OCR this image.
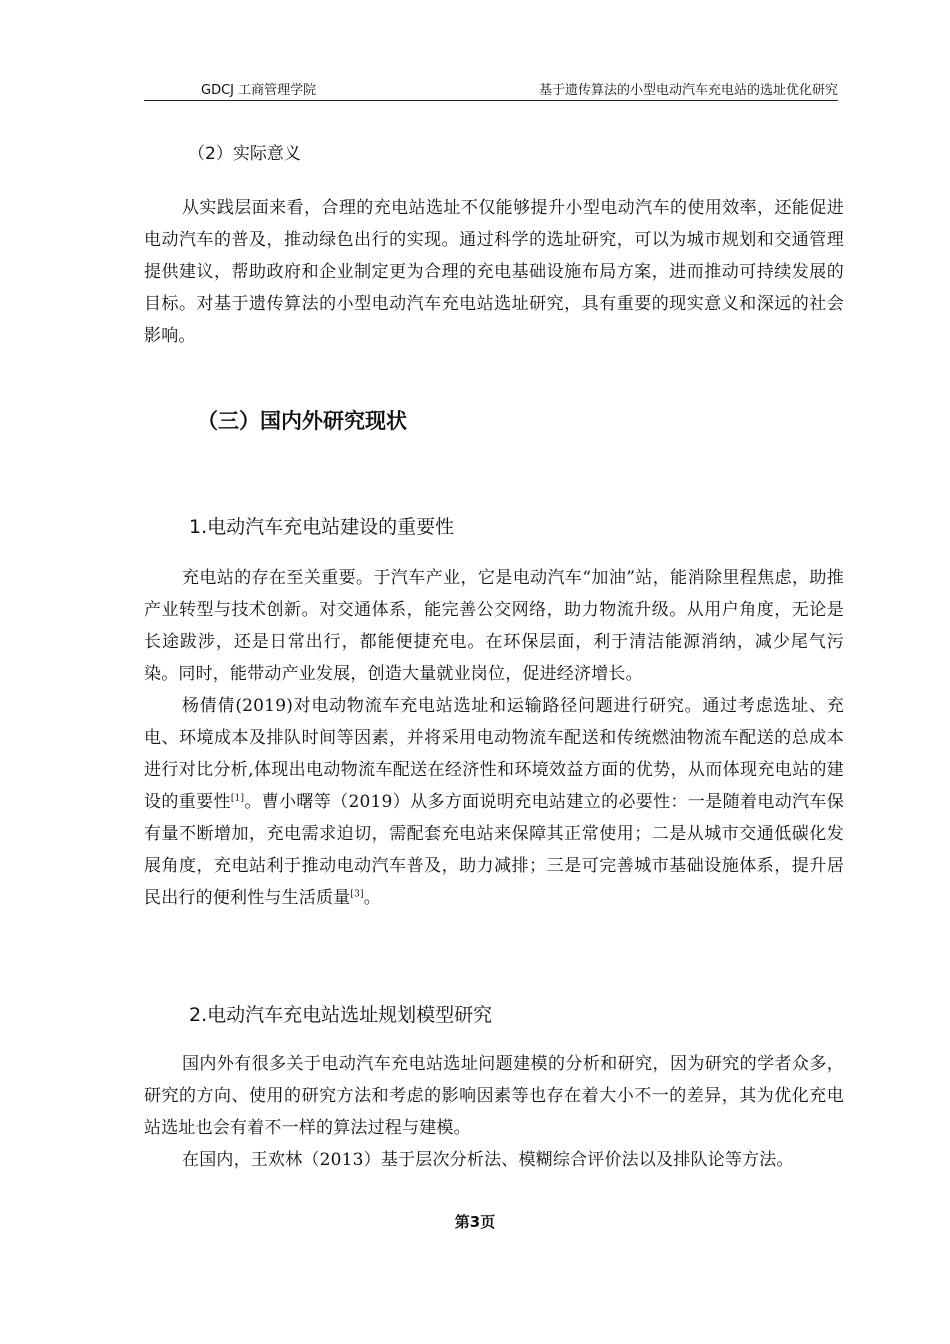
GDCJ 工商管理学院	基于遗传算法的小型电动汽车充电站的选址优化研究
（2）实际意义

从实践层面来看，合理的充电站选址不仅能够提升小型电动汽车的使用效率，还能促进电动汽车的普及，推动绿色出行的实现。通过科学的选址研究，可以为城市规划和交通管理提供建议，帮助政府和企业制定更为合理的充电基础设施布局方案，进而推动可持续发展的目标。对基于遗传算法的小型电动汽车充电站选址研究，具有重要的现实意义和深远的社会影响。

（三）国内外研究现状
1.电动汽车充电站建设的重要性

充电站的存在至关重要。于汽车产业，它是电动汽车“加油”站，能消除里程焦虑，助推产业转型与技术创新。对交通体系，能完善公交网络，助力物流升级。从用户角度，无论是长途跋涉，还是日常出行，都能便捷充电。在环保层面，利于清洁能源消纳，减少尾气污染。同时，能带动产业发展，创造大量就业岗位，促进经济增长。

杨倩倩(2019)对电动物流车充电站选址和运输路径问题进行研究。通过考虑选址、充电、环境成本及排队时间等因素，并将采用电动物流车配送和传统燃油物流车配送的总成本进行对比分析,体现出电动物流车配送在经济性和环境效益方面的优势，从而体现充电站的建设的重要性[1]。曹小曙等（2019）从多方面说明充电站建立的必要性：一是随着电动汽车保有量不断增加，充电需求迫切，需配套充电站来保障其正常使用；二是从城市交通低碳化发展角度，充电站利于推动电动汽车普及，助力减排；三是可完善城市基础设施体系，提升居民出行的便利性与生活质量[3]。

2.电动汽车充电站选址规划模型研究

国内外有很多关于电动汽车充电站选址问题建模的分析和研究，因为研究的学者众多，研究的方向、使用的研究方法和考虑的影响因素等也存在着大小不一的差异，其为优化充电站选址也会有着不一样的算法过程与建模。

在国内，王欢林（2013）基于层次分析法、模糊综合评价法以及排队论等方法。

第3页
